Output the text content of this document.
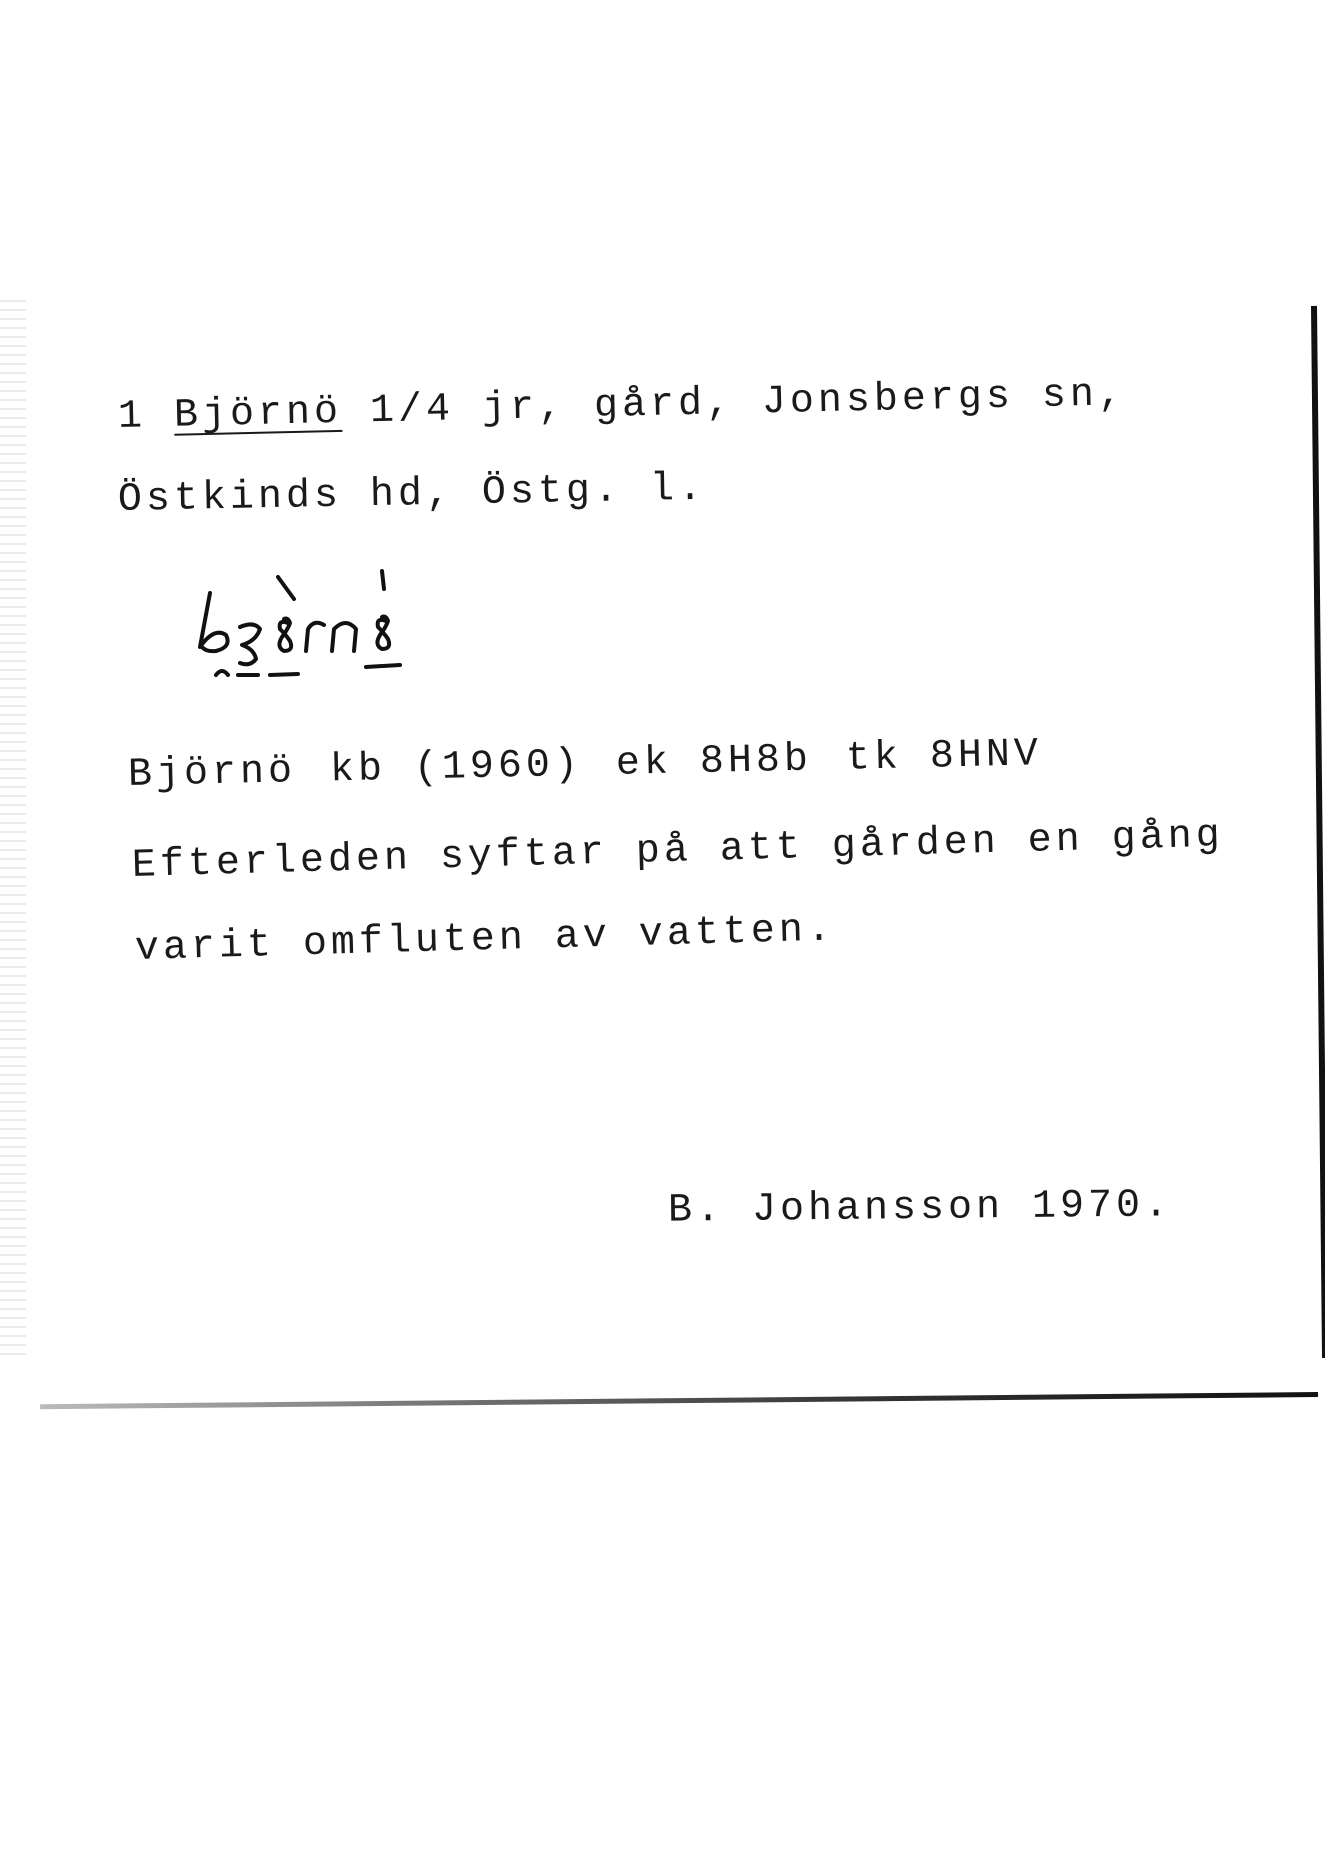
1 Björnö 1/4 jr, gård, Jonsbergs sn,
Östkinds hd, Östg. l.
Björnö kb (1960) ek 8H8b tk 8HNV
Efterleden syftar på att gården en gång
varit omfluten av vatten.
B. Johansson 1970.
